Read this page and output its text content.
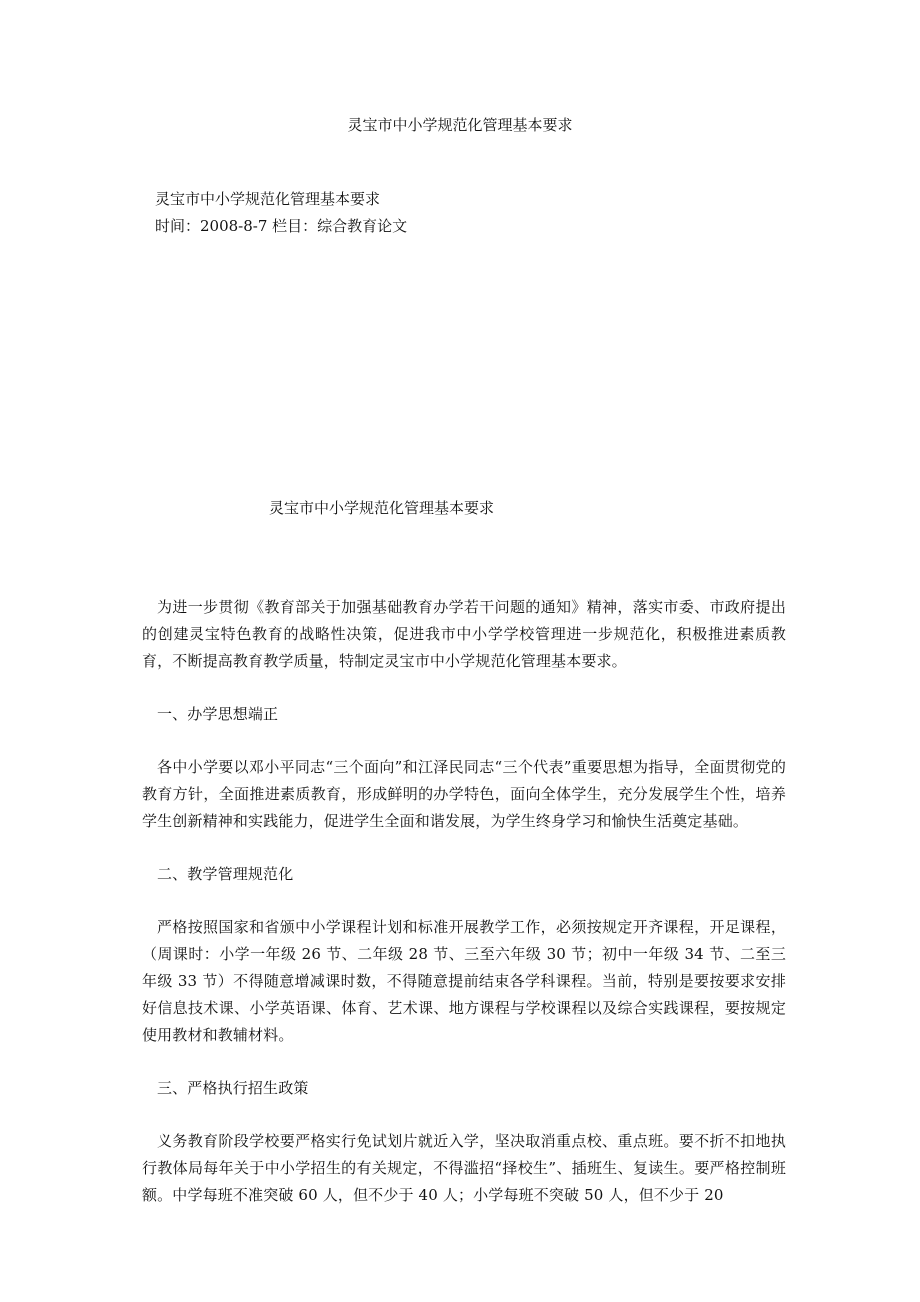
灵宝市中小学规范化管理基本要求
灵宝市中小学规范化管理基本要求
时间：2008-8-7 栏目：综合教育论文
灵宝市中小学规范化管理基本要求

为进一步贯彻《教育部关于加强基础教育办学若干问题的通知》精神，落实市委、市政府提出的创建灵宝特色教育的战略性决策，促进我市中小学学校管理进一步规范化，积极推进素质教育，不断提高教育教学质量，特制定灵宝市中小学规范化管理基本要求。

一、办学思想端正

各中小学要以邓小平同志“三个面向”和江泽民同志“三个代表”重要思想为指导，全面贯彻党的教育方针，全面推进素质教育，形成鲜明的办学特色，面向全体学生，充分发展学生个性，培养学生创新精神和实践能力，促进学生全面和谐发展，为学生终身学习和愉快生活奠定基础。

二、教学管理规范化

严格按照国家和省颁中小学课程计划和标准开展教学工作，必须按规定开齐课程，开足课程，（周课时：小学一年级 26 节、二年级 28 节、三至六年级 30 节；初中一年级 34 节、二至三年级 33 节）不得随意增减课时数，不得随意提前结束各学科课程。当前，特别是要按要求安排好信息技术课、小学英语课、体育、艺术课、地方课程与学校课程以及综合实践课程，要按规定使用教材和教辅材料。

三、严格执行招生政策

义务教育阶段学校要严格实行免试划片就近入学，坚决取消重点校、重点班。要不折不扣地执行教体局每年关于中小学招生的有关规定，不得滥招“择校生”、插班生、复读生。要严格控制班额。中学每班不准突破 60 人，但不少于 40 人；小学每班不突破 50 人，但不少于 20
